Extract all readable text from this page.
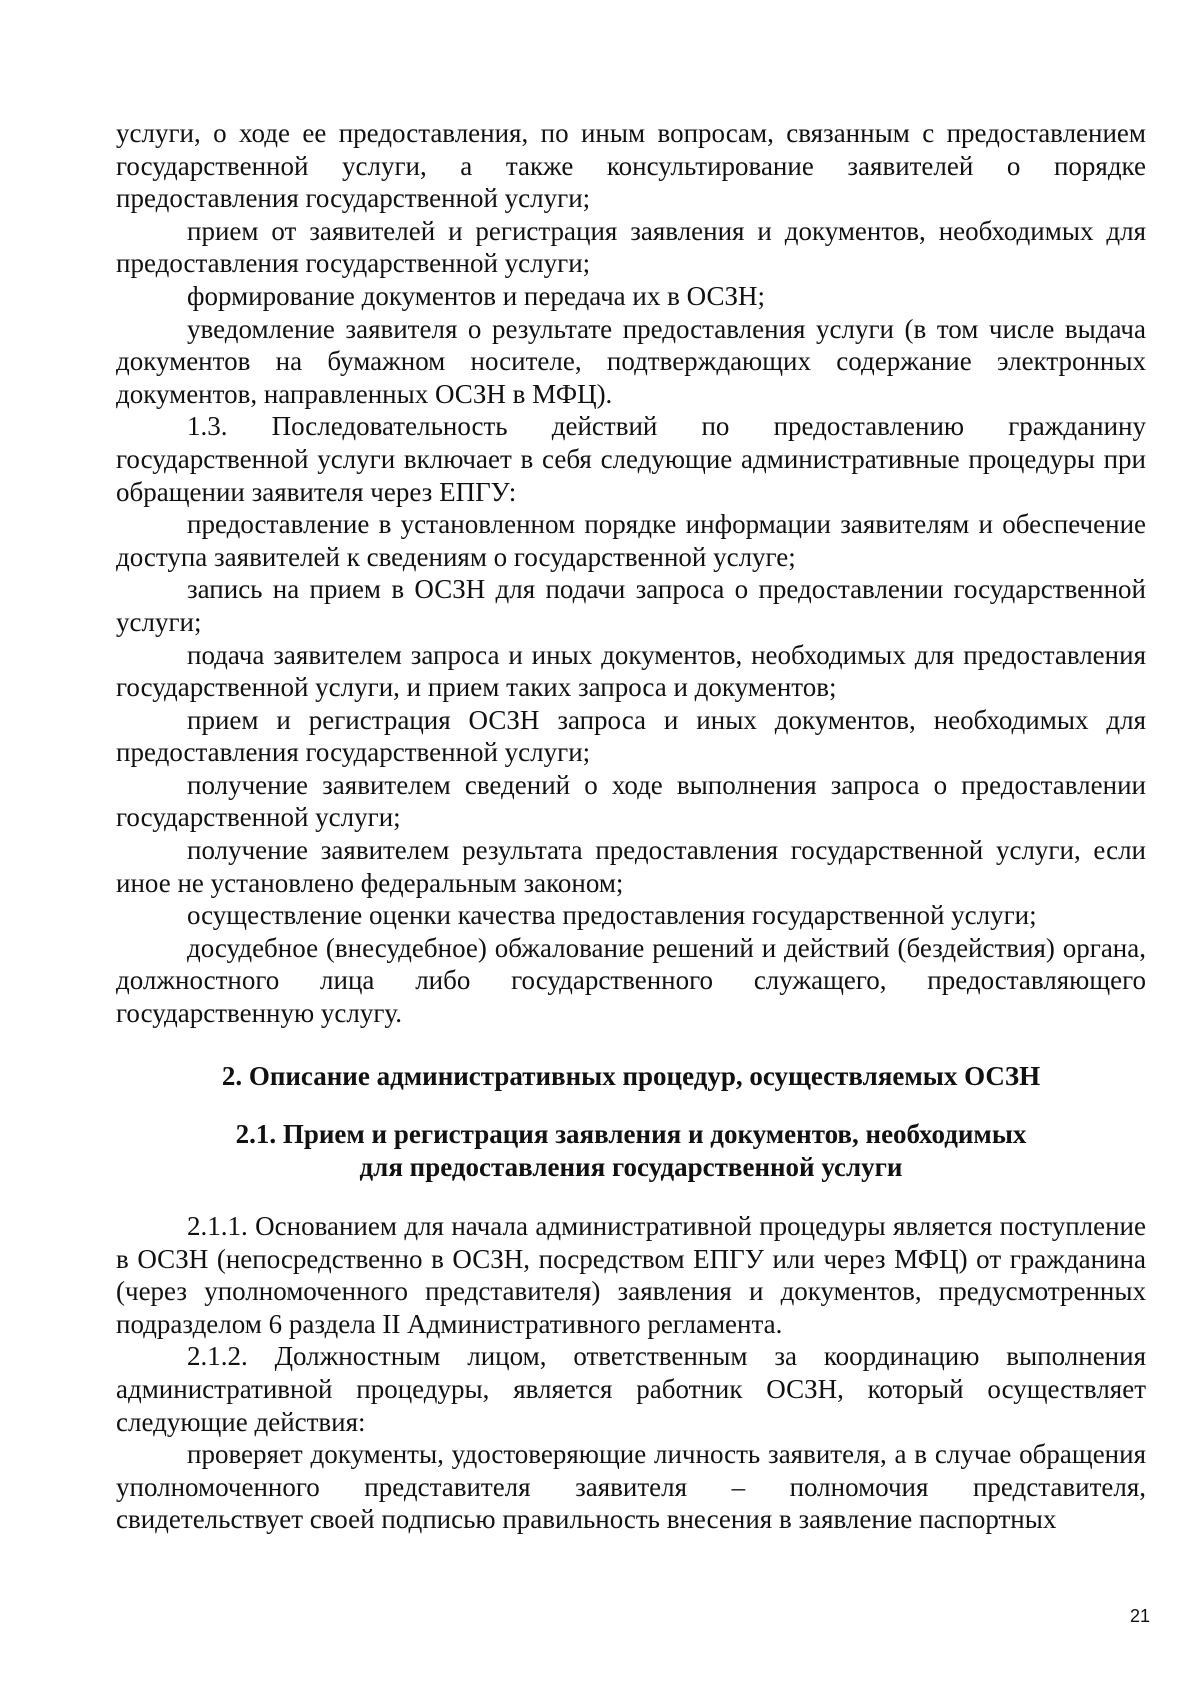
услуги, о ходе ее предоставления, по иным вопросам, связанным с предоставлением государственной услуги, а также консультирование заявителей о порядке предоставления государственной услуги;

прием от заявителей и регистрация заявления и документов, необходимых для предоставления государственной услуги;

формирование документов и передача их в ОСЗН;

уведомление заявителя о результате предоставления услуги (в том числе выдача документов на бумажном носителе, подтверждающих содержание электронных документов, направленных ОСЗН в МФЦ).

1.3. Последовательность действий по предоставлению гражданину государственной услуги включает в себя следующие административные процедуры при обращении заявителя через ЕПГУ:

предоставление в установленном порядке информации заявителям и обеспечение доступа заявителей к сведениям о государственной услуге;

запись на прием в ОСЗН для подачи запроса о предоставлении государственной услуги;

подача заявителем запроса и иных документов, необходимых для предоставления государственной услуги, и прием таких запроса и документов;

прием и регистрация ОСЗН запроса и иных документов, необходимых для предоставления государственной услуги;

получение заявителем сведений о ходе выполнения запроса о предоставлении государственной услуги;

получение заявителем результата предоставления государственной услуги, если иное не установлено федеральным законом;

осуществление оценки качества предоставления государственной услуги;

досудебное (внесудебное) обжалование решений и действий (бездействия) органа, должностного лица либо государственного служащего, предоставляющего государственную услугу.

2. Описание административных процедур, осуществляемых ОСЗН
2.1. Прием и регистрация заявления и документов, необходимых
для предоставления государственной услуги

2.1.1. Основанием для начала административной процедуры является поступление в ОСЗН (непосредственно в ОСЗН, посредством ЕПГУ или через МФЦ) от гражданина (через уполномоченного представителя) заявления и документов, предусмотренных подразделом 6 раздела II Административного регламента.

2.1.2. Должностным лицом, ответственным за координацию выполнения административной процедуры, является работник ОСЗН, который осуществляет следующие действия:

проверяет документы, удостоверяющие личность заявителя, а в случае обращения уполномоченного представителя заявителя – полномочия представителя, свидетельствует своей подписью правильность внесения в заявление паспортных

21
